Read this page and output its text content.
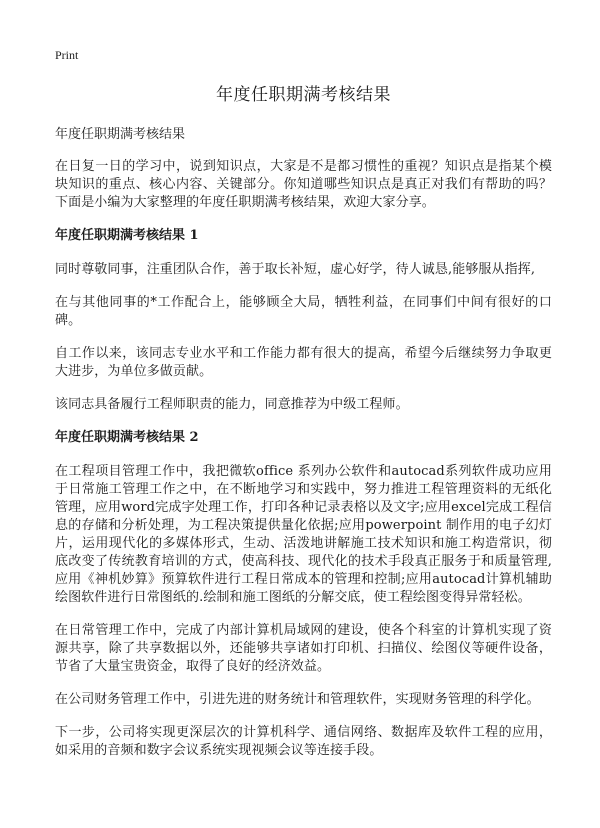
Print
年度任职期满考核结果
年度任职期满考核结果

在日复一日的学习中，说到知识点，大家是不是都习惯性的重视？知识点是指某个模块知识的重点、核心内容、关键部分。你知道哪些知识点是真正对我们有帮助的吗？下面是小编为大家整理的年度任职期满考核结果，欢迎大家分享。

年度任职期满考核结果 1

同时尊敬同事，注重团队合作，善于取长补短，虚心好学，待人诚恳,能够服从指挥,

在与其他同事的*工作配合上，能够顾全大局，牺牲利益，在同事们中间有很好的口碑。

自工作以来，该同志专业水平和工作能力都有很大的提高，希望今后继续努力争取更大进步，为单位多做贡献。

该同志具备履行工程师职责的能力，同意推荐为中级工程师。

年度任职期满考核结果 2

在工程项目管理工作中，我把微软office 系列办公软件和autocad系列软件成功应用于日常施工管理工作之中，在不断地学习和实践中，努力推进工程管理资料的无纸化管理，应用word完成字处理工作，打印各种记录表格以及文字;应用excel完成工程信息的存储和分析处理，为工程决策提供量化依据;应用powerpoint 制作用的电子幻灯片，运用现代化的多媒体形式，生动、活泼地讲解施工技术知识和施工构造常识，彻底改变了传统教育培训的方式，使高科技、现代化的技术手段真正服务于和质量管理,应用《神机妙算》预算软件进行工程日常成本的管理和控制;应用autocad计算机辅助绘图软件进行日常图纸的.绘制和施工图纸的分解交底，使工程绘图变得异常轻松。

在日常管理工作中，完成了内部计算机局域网的建设，使各个科室的计算机实现了资源共享，除了共享数据以外，还能够共享诸如打印机、扫描仪、绘图仪等硬件设备，节省了大量宝贵资金，取得了良好的经济效益。

在公司财务管理工作中，引进先进的财务统计和管理软件，实现财务管理的科学化。

下一步，公司将实现更深层次的计算机科学、通信网络、数据库及软件工程的应用，如采用的音频和数字会议系统实现视频会议等连接手段。
